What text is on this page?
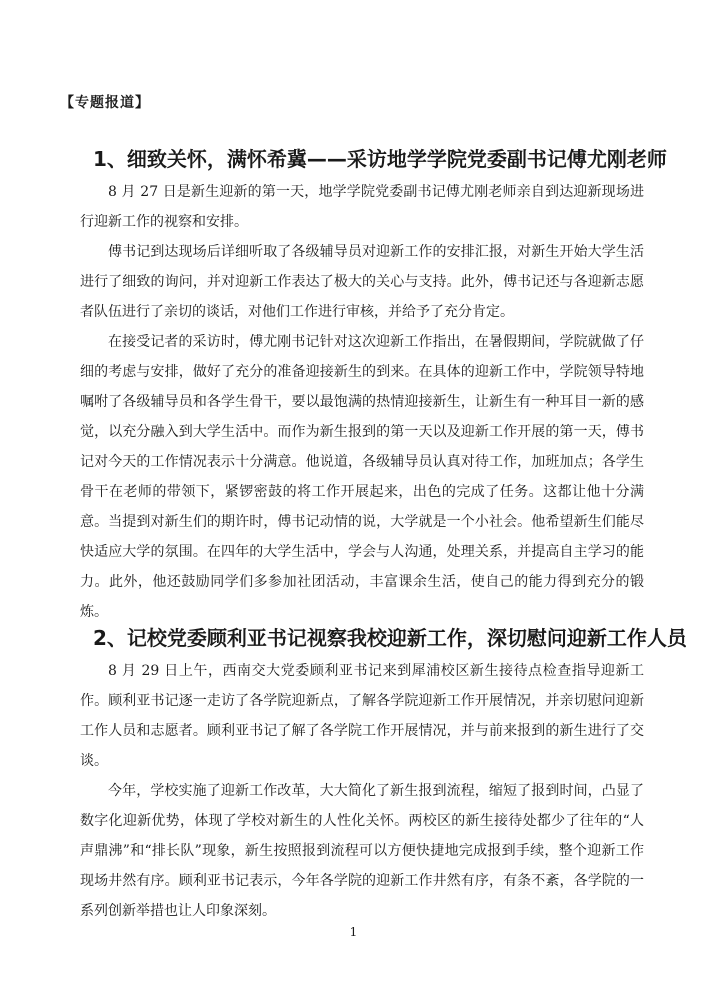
【专题报道】
1、细致关怀，满怀希冀——采访地学学院党委副书记傅尤刚老师

8 月 27 日是新生迎新的第一天，地学学院党委副书记傅尤刚老师亲自到达迎新现场进行迎新工作的视察和安排。

傅书记到达现场后详细听取了各级辅导员对迎新工作的安排汇报，对新生开始大学生活进行了细致的询问，并对迎新工作表达了极大的关心与支持。此外，傅书记还与各迎新志愿者队伍进行了亲切的谈话，对他们工作进行审核，并给予了充分肯定。

在接受记者的采访时，傅尤刚书记针对这次迎新工作指出，在暑假期间，学院就做了仔细的考虑与安排，做好了充分的准备迎接新生的到来。在具体的迎新工作中，学院领导特地嘱咐了各级辅导员和各学生骨干，要以最饱满的热情迎接新生，让新生有一种耳目一新的感觉，以充分融入到大学生活中。而作为新生报到的第一天以及迎新工作开展的第一天，傅书记对今天的工作情况表示十分满意。他说道，各级辅导员认真对待工作，加班加点；各学生骨干在老师的带领下，紧锣密鼓的将工作开展起来，出色的完成了任务。这都让他十分满意。当提到对新生们的期许时，傅书记动情的说，大学就是一个小社会。他希望新生们能尽快适应大学的氛围。在四年的大学生活中，学会与人沟通，处理关系，并提高自主学习的能力。此外，他还鼓励同学们多参加社团活动，丰富课余生活，使自己的能力得到充分的锻炼。

2、记校党委顾利亚书记视察我校迎新工作，深切慰问迎新工作人员

8 月 29 日上午，西南交大党委顾利亚书记来到犀浦校区新生接待点检查指导迎新工作。顾利亚书记逐一走访了各学院迎新点，了解各学院迎新工作开展情况，并亲切慰问迎新工作人员和志愿者。顾利亚书记了解了各学院工作开展情况，并与前来报到的新生进行了交谈。

今年，学校实施了迎新工作改革，大大简化了新生报到流程，缩短了报到时间，凸显了数字化迎新优势，体现了学校对新生的人性化关怀。两校区的新生接待处都少了往年的“人声鼎沸”和“排长队”现象，新生按照报到流程可以方便快捷地完成报到手续，整个迎新工作现场井然有序。顾利亚书记表示，今年各学院的迎新工作井然有序，有条不紊，各学院的一系列创新举措也让人印象深刻。

1
